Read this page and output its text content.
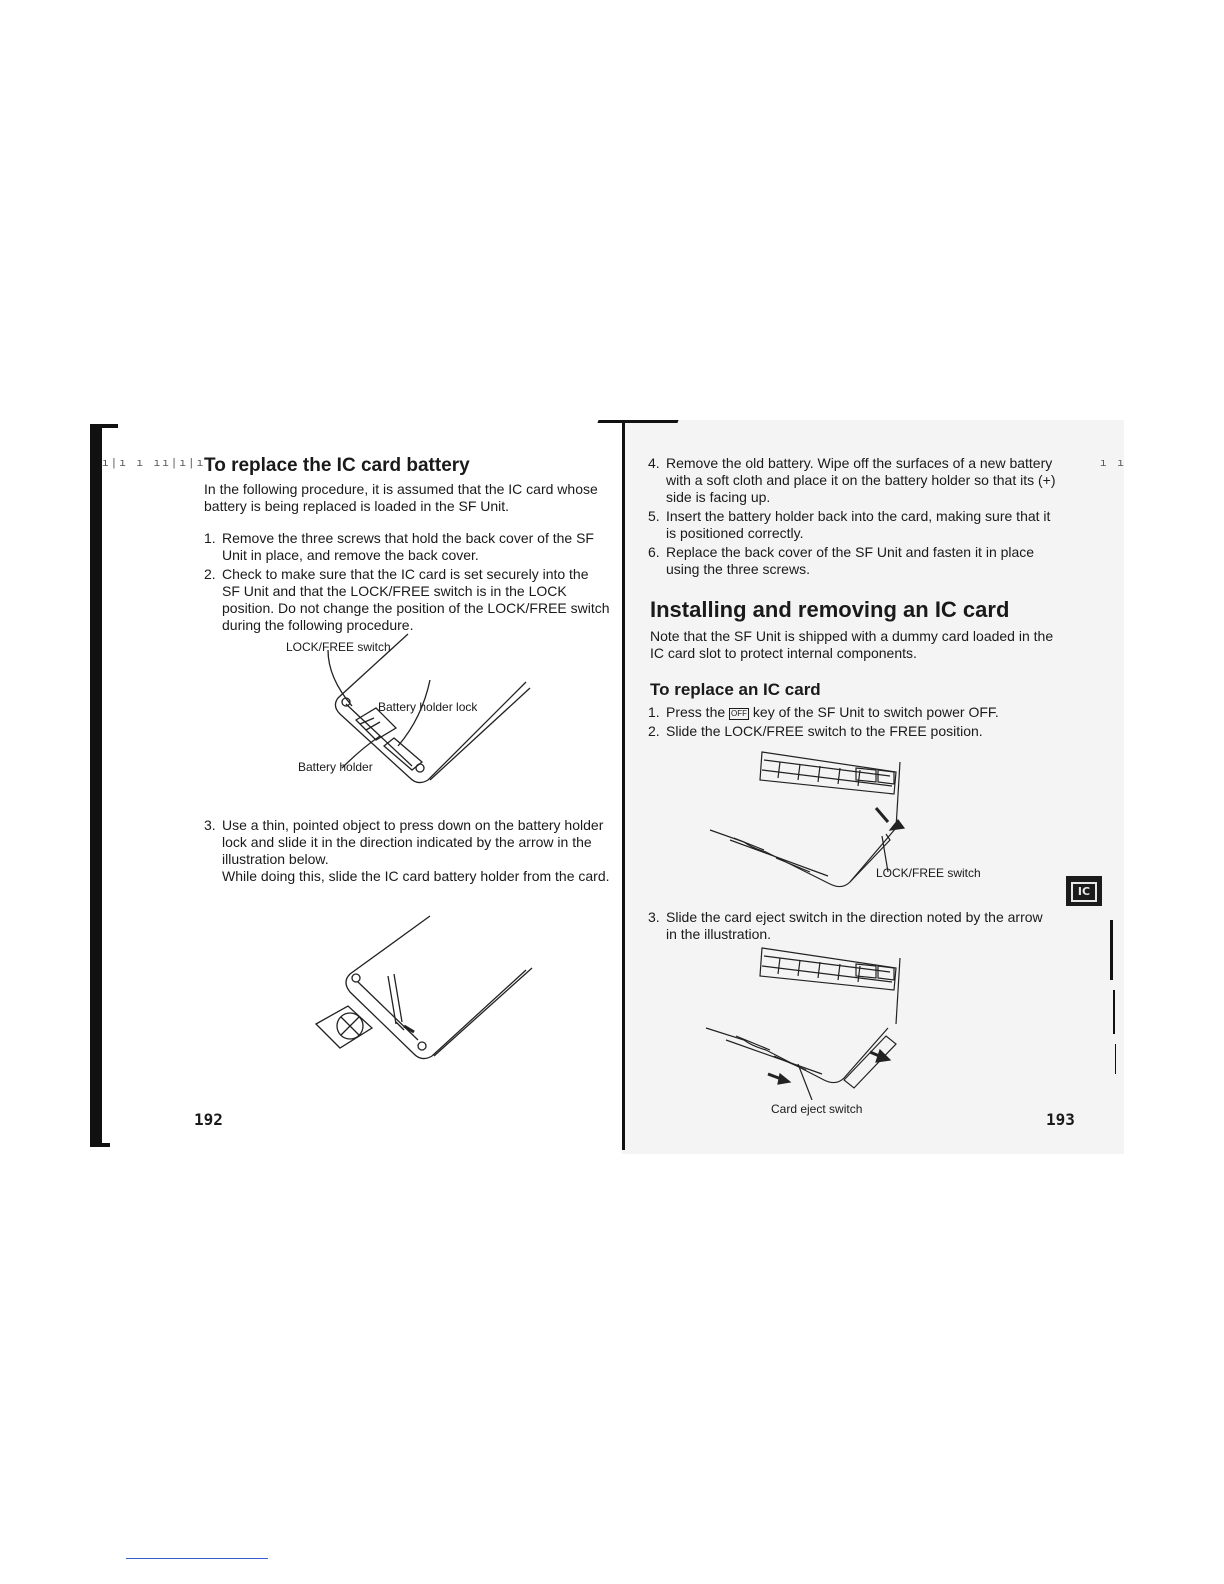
ı|ı ı ıı|ı|ı	ı ı
To replace the IC card battery

In the following procedure, it is assumed that the IC card whose battery is being replaced is loaded in the SF Unit.

1. Remove the three screws that hold the back cover of the SF Unit in place, and remove the back cover.
2. Check to make sure that the IC card is set securely into the SF Unit and that the LOCK/FREE switch is in the LOCK position. Do not change the position of the LOCK/FREE switch during the following procedure.
LOCK/FREE switch
Battery holder lock
Battery holder
3. Use a thin, pointed object to press down on the battery holder lock and slide it in the direction indicated by the arrow in the illustration below.
While doing this, slide the IC card battery holder from the card.
192
4. Remove the old battery. Wipe off the surfaces of a new battery with a soft cloth and place it on the battery holder so that its (+) side is facing up.
5. Insert the battery holder back into the card, making sure that it is positioned correctly.
6. Replace the back cover of the SF Unit and fasten it in place using the three screws.
Installing and removing an IC card

Note that the SF Unit is shipped with a dummy card loaded in the IC card slot to protect internal components.

To replace an IC card
1. Press the OFF key of the SF Unit to switch power OFF.
2. Slide the LOCK/FREE switch to the FREE position.
LOCK/FREE switch
3. Slide the card eject switch in the direction noted by the arrow in the illustration.
Card eject switch
193
IC
